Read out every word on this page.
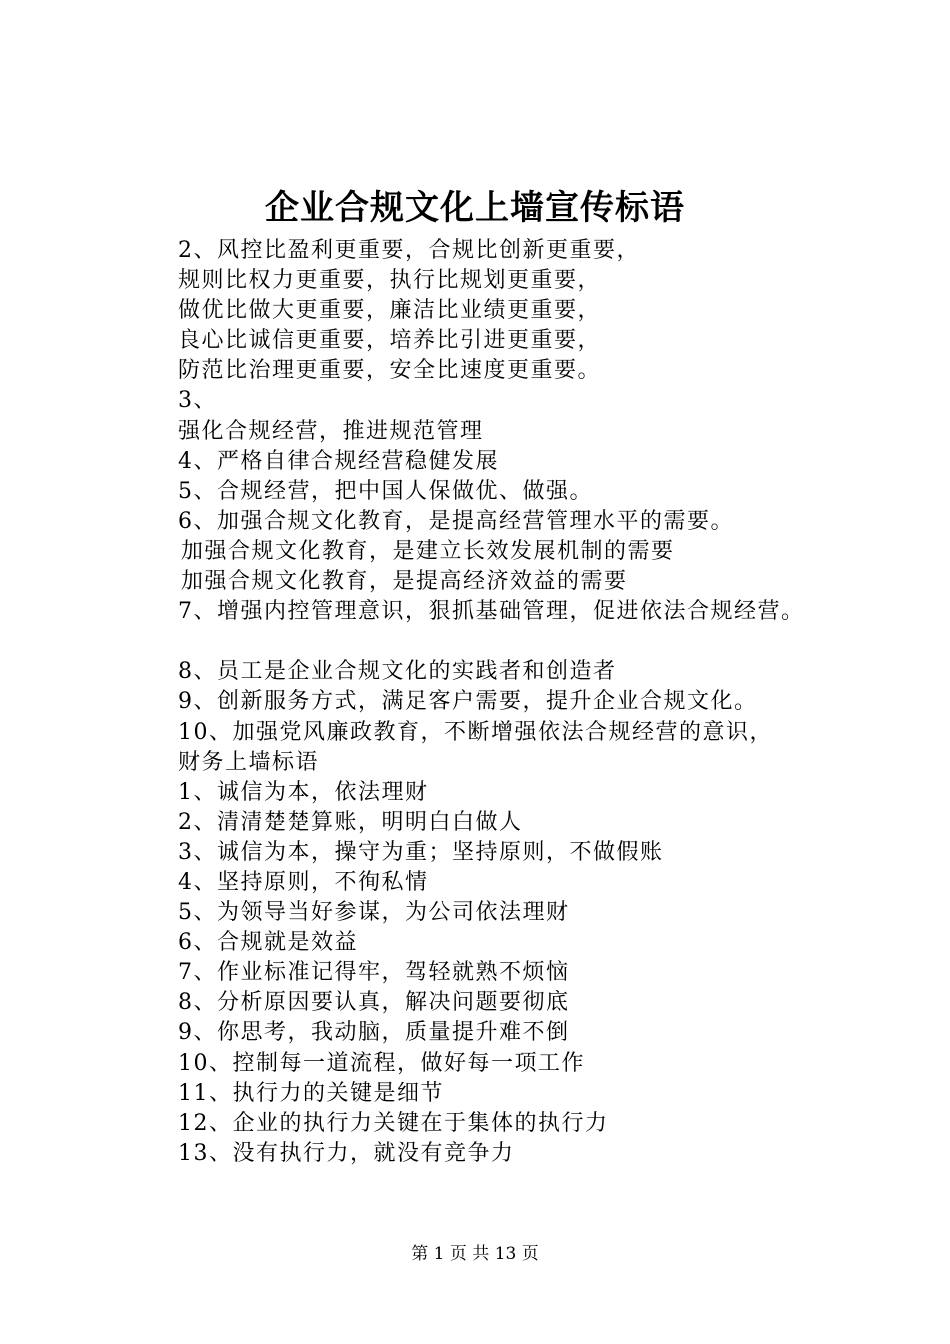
企业合规文化上墙宣传标语
2、风控比盈利更重要，合规比创新更重要，
规则比权力更重要，执行比规划更重要，
做优比做大更重要，廉洁比业绩更重要，
良心比诚信更重要，培养比引进更重要，
防范比治理更重要，安全比速度更重要。
3、
强化合规经营，推进规范管理
4、严格自律合规经营稳健发展
5、合规经营，把中国人保做优、做强。
6、加强合规文化教育，是提高经营管理水平的需要。
加强合规文化教育，是建立长效发展机制的需要
加强合规文化教育，是提高经济效益的需要
7、增强内控管理意识，狠抓基础管理，促进依法合规经营。
8、员工是企业合规文化的实践者和创造者
9、创新服务方式，满足客户需要，提升企业合规文化。
10、加强党风廉政教育，不断增强依法合规经营的意识，
财务上墙标语
1、诚信为本，依法理财
2、清清楚楚算账，明明白白做人
3、诚信为本，操守为重；坚持原则，不做假账
4、坚持原则，不徇私情
5、为领导当好参谋，为公司依法理财
6、合规就是效益
7、作业标准记得牢，驾轻就熟不烦恼
8、分析原因要认真，解决问题要彻底
9、你思考，我动脑，质量提升难不倒
10、控制每一道流程，做好每一项工作
11、执行力的关键是细节
12、企业的执行力关键在于集体的执行力
13、没有执行力，就没有竞争力
第 1 页 共 13 页
